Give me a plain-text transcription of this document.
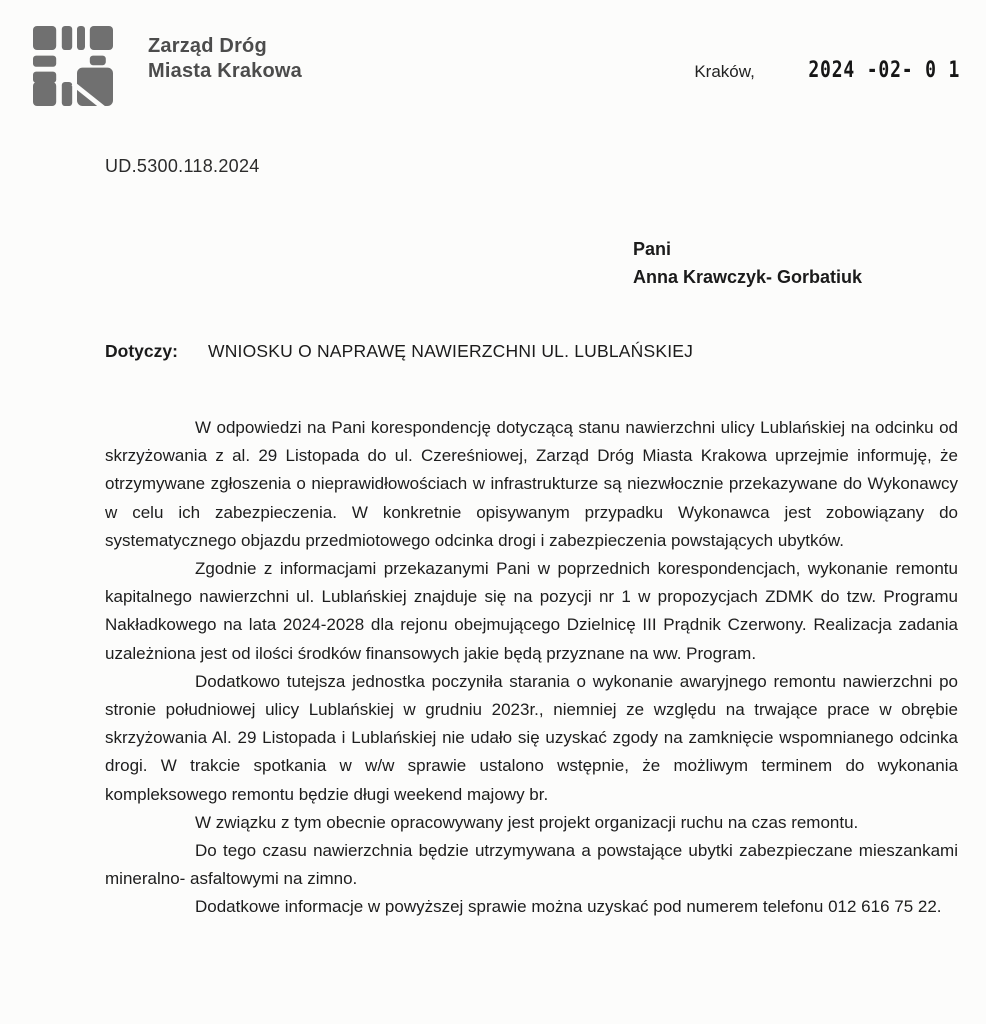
Zarząd Dróg
Miasta Krakowa	Kraków, 2024 -02- 0 1
UD.5300.118.2024
Pani
Anna Krawczyk- Gorbatiuk
Dotyczy:	WNIOSKU O NAPRAWĘ NAWIERZCHNI UL. LUBLAŃSKIEJ

W odpowiedzi na Pani korespondencję dotyczącą stanu nawierzchni ulicy Lublańskiej na odcinku od skrzyżowania z al. 29 Listopada do ul. Czereśniowej, Zarząd Dróg Miasta Krakowa uprzejmie informuję, że otrzymywane zgłoszenia o nieprawidłowościach w infrastrukturze są niezwłocznie przekazywane do Wykonawcy w celu ich zabezpieczenia. W konkretnie opisywanym przypadku Wykonawca jest zobowiązany do systematycznego objazdu przedmiotowego odcinka drogi i zabezpieczenia powstających ubytków.

Zgodnie z informacjami przekazanymi Pani w poprzednich korespondencjach, wykonanie remontu kapitalnego nawierzchni ul. Lublańskiej znajduje się na pozycji nr 1 w propozycjach ZDMK do tzw. Programu Nakładkowego na lata 2024-2028 dla rejonu obejmującego Dzielnicę III Prądnik Czerwony. Realizacja zadania uzależniona jest od ilości środków finansowych jakie będą przyznane na ww. Program.

Dodatkowo tutejsza jednostka poczyniła starania o wykonanie awaryjnego remontu nawierzchni po stronie południowej ulicy Lublańskiej w grudniu 2023r., niemniej ze względu na trwające prace w obrębie skrzyżowania Al. 29 Listopada i Lublańskiej nie udało się uzyskać zgody na zamknięcie wspomnianego odcinka drogi. W trakcie spotkania w w/w sprawie ustalono wstępnie, że możliwym terminem do wykonania kompleksowego remontu będzie długi weekend majowy br.

W związku z tym obecnie opracowywany jest projekt organizacji ruchu na czas remontu.

Do tego czasu nawierzchnia będzie utrzymywana a powstające ubytki zabezpieczane mieszankami mineralno- asfaltowymi na zimno.

Dodatkowe informacje w powyższej sprawie można uzyskać pod numerem telefonu 012 616 75 22.
